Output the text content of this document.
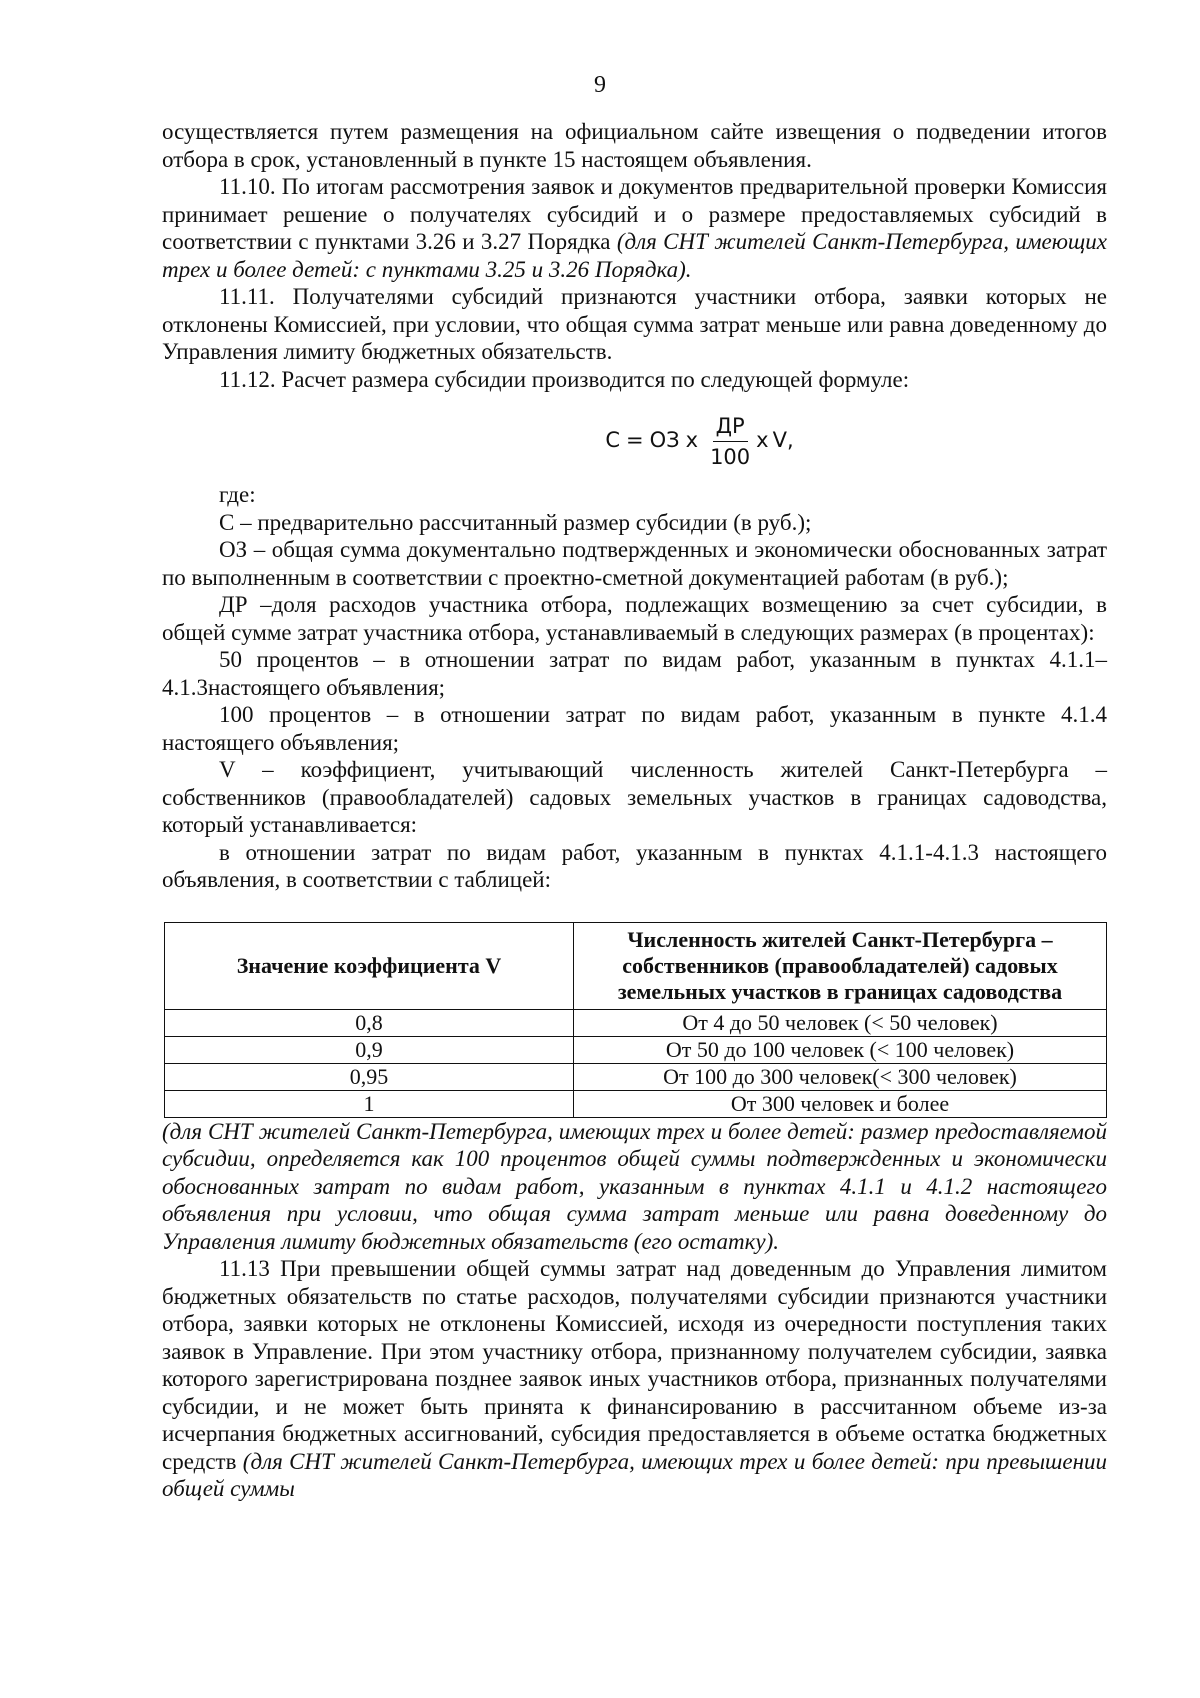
9

осуществляется путем размещения на официальном сайте извещения о подведении итогов отбора в срок, установленный в пункте 15 настоящем объявления.

11.10. По итогам рассмотрения заявок и документов предварительной проверки Комиссия принимает решение о получателях субсидий и о размере предоставляемых субсидий в соответствии с пунктами 3.26 и 3.27 Порядка (для СНТ жителей Санкт-Петербурга, имеющих трех и более детей: с пунктами 3.25 и 3.26 Порядка).

11.11. Получателями субсидий признаются участники отбора, заявки которых не отклонены Комиссией, при условии, что общая сумма затрат меньше или равна доведенному до Управления лимиту бюджетных обязательств.

11.12. Расчет размера субсидии производится по следующей формуле:

С = ОЗ х $\frac{ДР}{100}$ х V ,

где:

С – предварительно рассчитанный размер субсидии (в руб.);

ОЗ – общая сумма документально подтвержденных и экономически обоснованных затрат по выполненным в соответствии с проектно-сметной документацией работам (в руб.);

ДР –доля расходов участника отбора, подлежащих возмещению за счет субсидии, в общей сумме затрат участника отбора, устанавливаемый в следующих размерах (в процентах):

50 процентов – в отношении затрат по видам работ, указанным в пунктах 4.1.1–4.1.3настоящего объявления;

100 процентов – в отношении затрат по видам работ, указанным в пункте 4.1.4 настоящего объявления;

V – коэффициент, учитывающий численность жителей Санкт-Петербурга – собственников (правообладателей) садовых земельных участков в границах садоводства, который устанавливается:

в отношении затрат по видам работ, указанным в пунктах 4.1.1-4.1.3 настоящего объявления, в соответствии с таблицей:

Значение коэффициента V	Численность жителей Санкт-Петербурга – собственников (правообладателей) садовых земельных участков в границах садоводства
0,8	От 4 до 50 человек (< 50 человек)
0,9	От 50 до 100 человек (< 100 человек)
0,95	От 100 до 300 человек(< 300 человек)
1	От 300 человек и более

(для СНТ жителей Санкт-Петербурга, имеющих трех и более детей: размер предоставляемой субсидии, определяется как 100 процентов общей суммы подтвержденных и экономически обоснованных затрат по видам работ, указанным в пунктах 4.1.1 и 4.1.2 настоящего объявления при условии, что общая сумма затрат меньше или равна доведенному до Управления лимиту бюджетных обязательств (его остатку).

11.13 При превышении общей суммы затрат над доведенным до Управления лимитом бюджетных обязательств по статье расходов, получателями субсидии признаются участники отбора, заявки которых не отклонены Комиссией, исходя из очередности поступления таких заявок в Управление. При этом участнику отбора, признанному получателем субсидии, заявка которого зарегистрирована позднее заявок иных участников отбора, признанных получателями субсидии, и не может быть принята к финансированию в рассчитанном объеме из-за исчерпания бюджетных ассигнований, субсидия предоставляется в объеме остатка бюджетных средств (для СНТ жителей Санкт-Петербурга, имеющих трех и более детей: при превышении общей суммы
